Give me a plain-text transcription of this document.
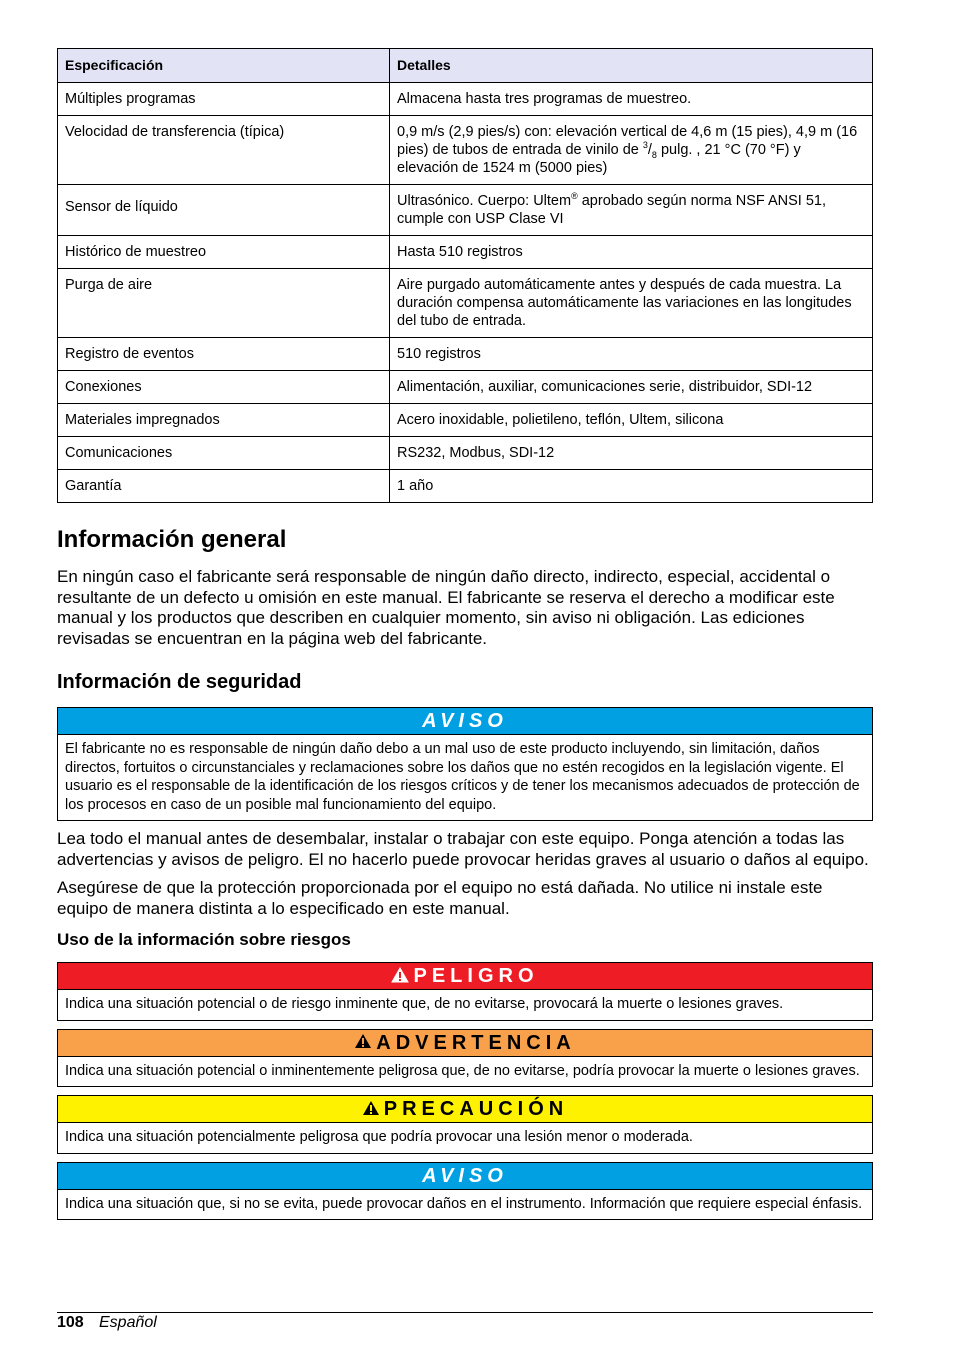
Especificación	Detalles
Múltiples programas	Almacena hasta tres programas de muestreo.
Velocidad de transferencia (típica)	0,9 m/s (2,9 pies/s) con: elevación vertical de 4,6 m (15 pies), 4,9 m (16 pies) de tubos de entrada de vinilo de $^3/_8$ pulg. , 21 °C (70 °F) y elevación de 1524 m (5000 pies)
Sensor de líquido	Ultrasónico. Cuerpo: Ultem® aprobado según norma NSF ANSI 51, cumple con USP Clase VI
Histórico de muestreo	Hasta 510 registros
Purga de aire	Aire purgado automáticamente antes y después de cada muestra. La duración compensa automáticamente las variaciones en las longitudes del tubo de entrada.
Registro de eventos	510 registros
Conexiones	Alimentación, auxiliar, comunicaciones serie, distribuidor, SDI-12
Materiales impregnados	Acero inoxidable, polietileno, teflón, Ultem, silicona
Comunicaciones	RS232, Modbus, SDI-12
Garantía	1 año
Información general

En ningún caso el fabricante será responsable de ningún daño directo, indirecto, especial, accidental o resultante de un defecto u omisión en este manual. El fabricante se reserva el derecho a modificar este manual y los productos que describen en cualquier momento, sin aviso ni obligación. Las ediciones revisadas se encuentran en la página web del fabricante.

Información de seguridad
AVISO
El fabricante no es responsable de ningún daño debo a un mal uso de este producto incluyendo, sin limitación, daños directos, fortuitos o circunstanciales y reclamaciones sobre los daños que no estén recogidos en la legislación vigente. El usuario es el responsable de la identificación de los riesgos críticos y de tener los mecanismos adecuados de protección de los procesos en caso de un posible mal funcionamiento del equipo.

Lea todo el manual antes de desembalar, instalar o trabajar con este equipo. Ponga atención a todas las advertencias y avisos de peligro. El no hacerlo puede provocar heridas graves al usuario o daños al equipo.

Asegúrese de que la protección proporcionada por el equipo no está dañada. No utilice ni instale este equipo de manera distinta a lo especificado en este manual.

Uso de la información sobre riesgos
PELIGRO
Indica una situación potencial o de riesgo inminente que, de no evitarse, provocará la muerte o lesiones graves.
ADVERTENCIA
Indica una situación potencial o inminentemente peligrosa que, de no evitarse, podría provocar la muerte o lesiones graves.
PRECAUCIÓN
Indica una situación potencialmente peligrosa que podría provocar una lesión menor o moderada.
AVISO
Indica una situación que, si no se evita, puede provocar daños en el instrumento. Información que requiere especial énfasis.
108 Español
